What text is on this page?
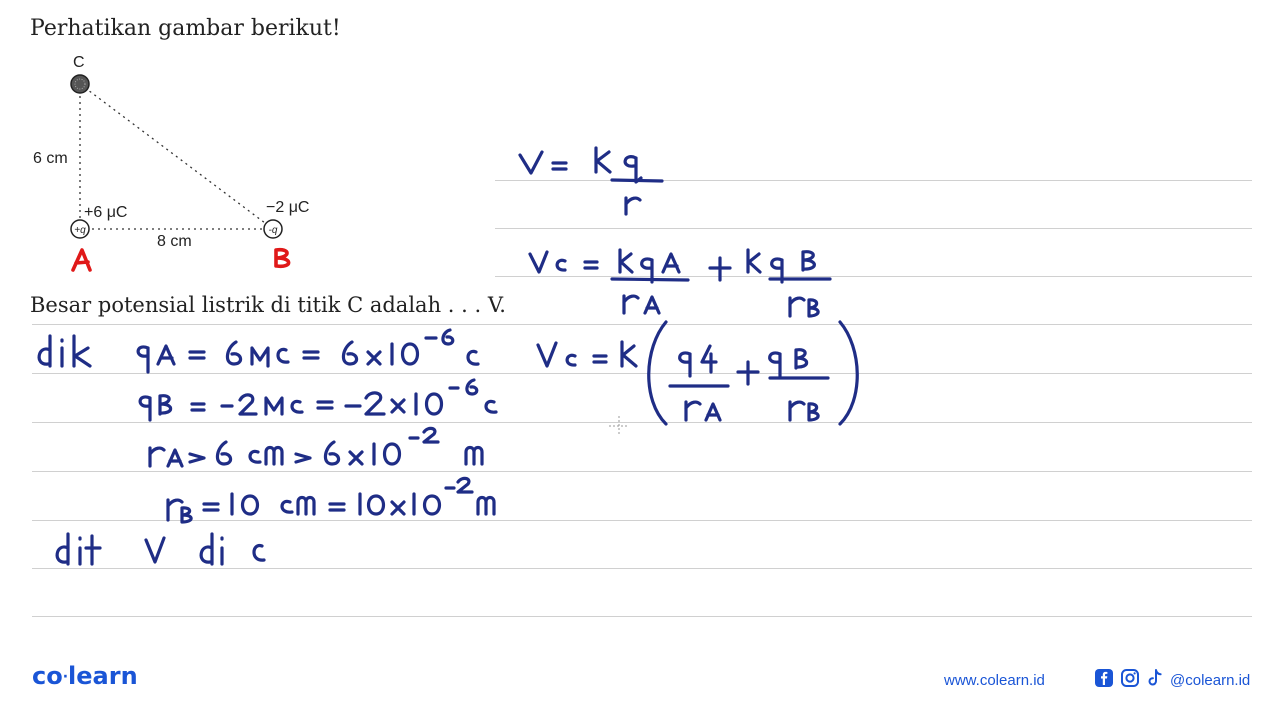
Perhatikan gambar berikut!
Besar potensial listrik di titik C adalah . . . V.
+q	-q
C
6 cm
8 cm
+6 μC	−2 μC
co·learn	www.colearn.id	@colearn.id
